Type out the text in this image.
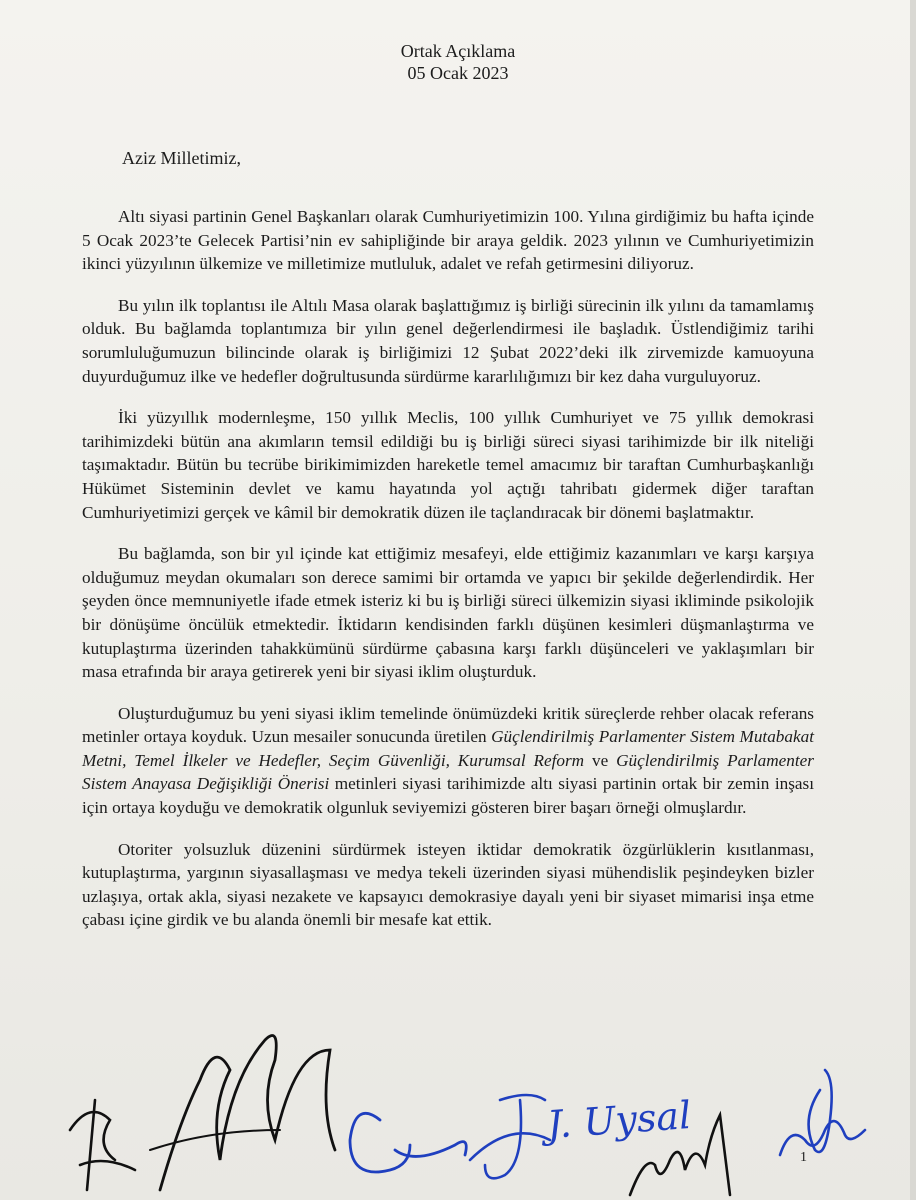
Ortak Açıklama
05 Ocak 2023
Aziz Milletimiz,

Altı siyasi partinin Genel Başkanları olarak Cumhuriyetimizin 100. Yılına girdiğimiz bu hafta içinde 5 Ocak 2023’te Gelecek Partisi’nin ev sahipliğinde bir araya geldik. 2023 yılının ve Cumhuriyetimizin ikinci yüzyılının ülkemize ve milletimize mutluluk, adalet ve refah getirmesini diliyoruz.

Bu yılın ilk toplantısı ile Altılı Masa olarak başlattığımız iş birliği sürecinin ilk yılını da tamamlamış olduk. Bu bağlamda toplantımıza bir yılın genel değerlendirmesi ile başladık. Üstlendiğimiz tarihi sorumluluğumuzun bilincinde olarak iş birliğimizi 12 Şubat 2022’deki ilk zirvemizde kamuoyuna duyurduğumuz ilke ve hedefler doğrultusunda sürdürme kararlılığımızı bir kez daha vurguluyoruz.

İki yüzyıllık modernleşme, 150 yıllık Meclis, 100 yıllık Cumhuriyet ve 75 yıllık demokrasi tarihimizdeki bütün ana akımların temsil edildiği bu iş birliği süreci siyasi tarihimizde bir ilk niteliği taşımaktadır. Bütün bu tecrübe birikimimizden hareketle temel amacımız bir taraftan Cumhurbaşkanlığı Hükümet Sisteminin devlet ve kamu hayatında yol açtığı tahribatı gidermek diğer taraftan Cumhuriyetimizi gerçek ve kâmil bir demokratik düzen ile taçlandıracak bir dönemi başlatmaktır.

Bu bağlamda, son bir yıl içinde kat ettiğimiz mesafeyi, elde ettiğimiz kazanımları ve karşı karşıya olduğumuz meydan okumaları son derece samimi bir ortamda ve yapıcı bir şekilde değerlendirdik. Her şeyden önce memnuniyetle ifade etmek isteriz ki bu iş birliği süreci ülkemizin siyasi ikliminde psikolojik bir dönüşüme öncülük etmektedir. İktidarın kendisinden farklı düşünen kesimleri düşmanlaştırma ve kutuplaştırma üzerinden tahakkümünü sürdürme çabasına karşı farklı düşünceleri ve yaklaşımları bir masa etrafında bir araya getirerek yeni bir siyasi iklim oluşturduk.

Oluşturduğumuz bu yeni siyasi iklim temelinde önümüzdeki kritik süreçlerde rehber olacak referans metinler ortaya koyduk. Uzun mesailer sonucunda üretilen Güçlendirilmiş Parlamenter Sistem Mutabakat Metni, Temel İlkeler ve Hedefler, Seçim Güvenliği, Kurumsal Reform ve Güçlendirilmiş Parlamenter Sistem Anayasa Değişikliği Önerisi metinleri siyasi tarihimizde altı siyasi partinin ortak bir zemin inşası için ortaya koyduğu ve demokratik olgunluk seviyemizi gösteren birer başarı örneği olmuşlardır.

Otoriter yolsuzluk düzenini sürdürmek isteyen iktidar demokratik özgürlüklerin kısıtlanması, kutuplaştırma, yargının siyasallaşması ve medya tekeli üzerinden siyasi mühendislik peşindeyken bizler uzlaşıya, ortak akla, siyasi nezakete ve kapsayıcı demokrasiye dayalı yeni bir siyaset mimarisi inşa etme çabası içine girdik ve bu alanda önemli bir mesafe kat ettik.

1
J. Uysal
